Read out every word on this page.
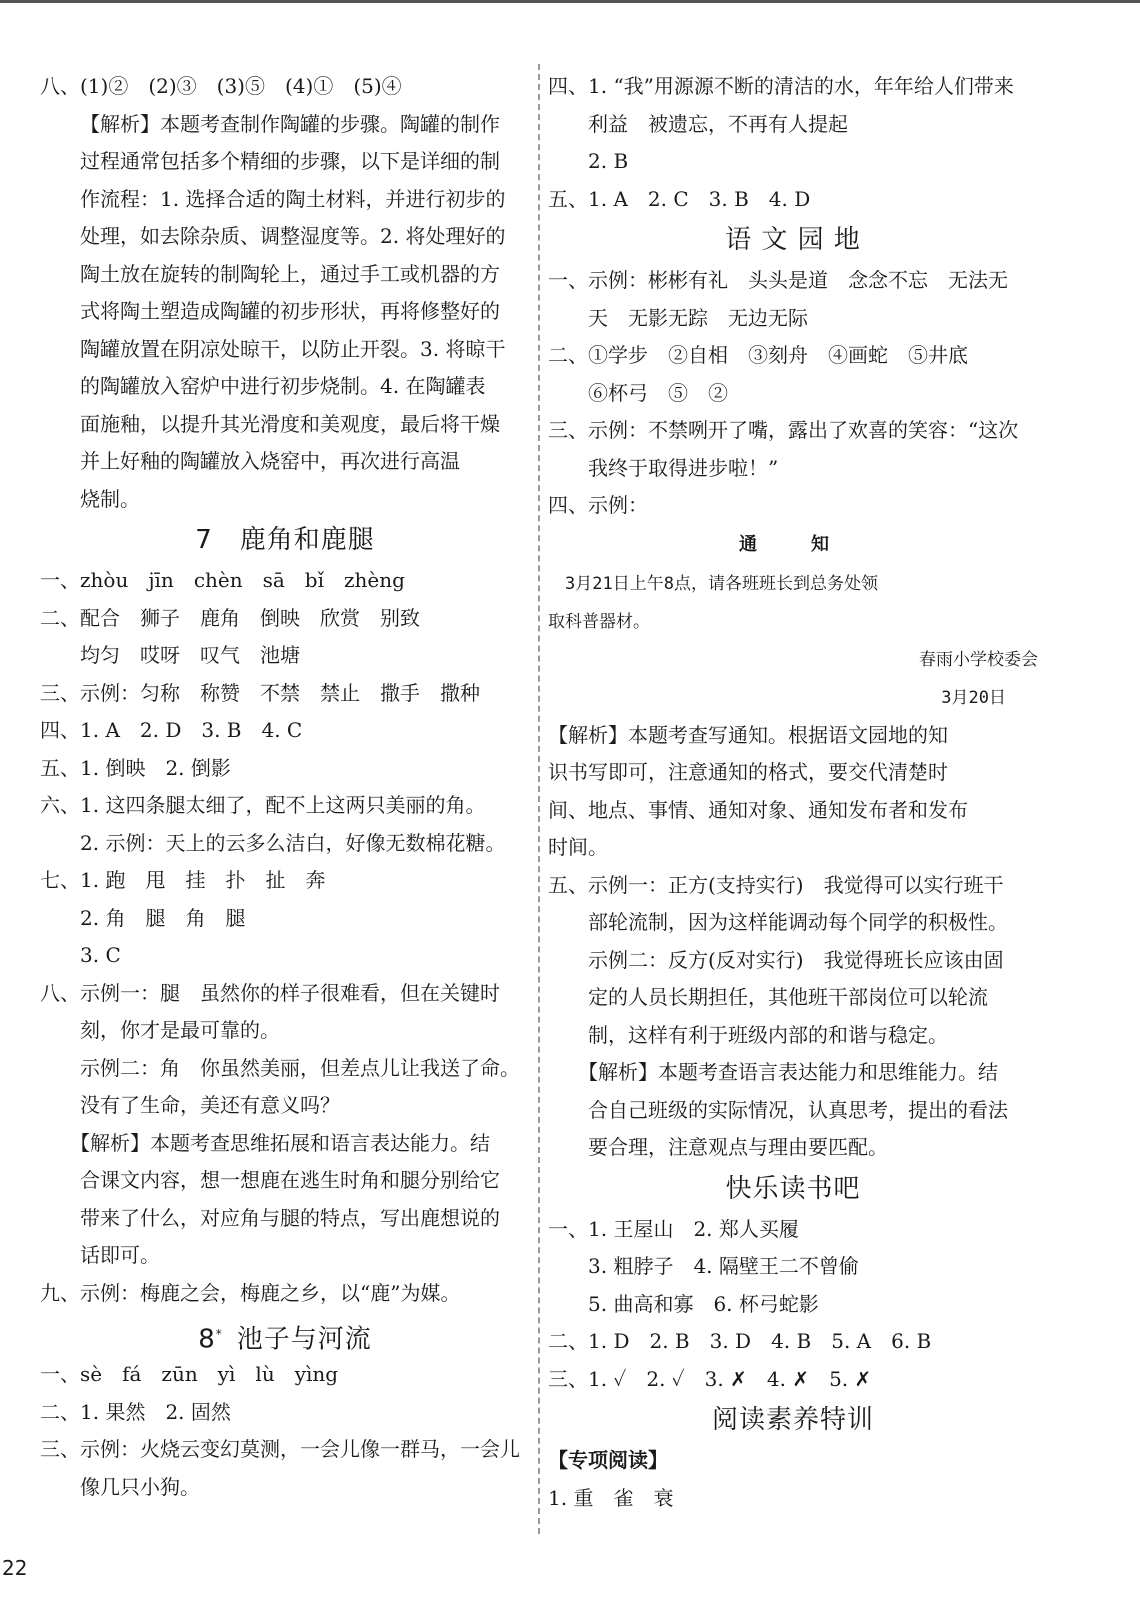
八、(1)②　(2)③　(3)⑤　(4)①　(5)④
【解析】本题考查制作陶罐的步骤。陶罐的制作
过程通常包括多个精细的步骤，以下是详细的制
作流程：1. 选择合适的陶土材料，并进行初步的
处理，如去除杂质、调整湿度等。2. 将处理好的
陶土放在旋转的制陶轮上，通过手工或机器的方
式将陶土塑造成陶罐的初步形状，再将修整好的
陶罐放置在阴凉处晾干，以防止开裂。3. 将晾干
的陶罐放入窑炉中进行初步烧制。4. 在陶罐表
面施釉，以提升其光滑度和美观度，最后将干燥
并上好釉的陶罐放入烧窑中，再次进行高温
烧制。
7　鹿角和鹿腿
一、zhòu　jīn　chèn　sā　bǐ　zhèng
二、配合　狮子　鹿角　倒映　欣赏　别致
　　均匀　哎呀　叹气　池塘
三、示例：匀称　称赞　不禁　禁止　撒手　撒种
四、1. A　2. D　3. B　4. C
五、1. 倒映　2. 倒影
六、1. 这四条腿太细了，配不上这两只美丽的角。
　　2. 示例：天上的云多么洁白，好像无数棉花糖。
七、1. 跑　甩　挂　扑　扯　奔
　　2. 角　腿　角　腿
　　3. C
八、示例一：腿　虽然你的样子很难看，但在关键时
　　刻，你才是最可靠的。
　　示例二：角　你虽然美丽，但差点儿让我送了命。
　　没有了生命，美还有意义吗？
　　【解析】本题考查思维拓展和语言表达能力。结
　　合课文内容，想一想鹿在逃生时角和腿分别给它
　　带来了什么，对应角与腿的特点，写出鹿想说的
　　话即可。
九、示例：梅鹿之会，梅鹿之乡，以“鹿”为媒。
8* 池子与河流
一、sè　fá　zūn　yì　lù　yìng
二、1. 果然　2. 固然
三、示例：火烧云变幻莫测，一会儿像一群马，一会儿
　　像几只小狗。
四、1. “我”用源源不断的清洁的水，年年给人们带来
　　利益　被遗忘，不再有人提起
　　2. B
五、1. A　2. C　3. B　4. D
语 文 园 地
一、示例：彬彬有礼　头头是道　念念不忘　无法无
　　天　无影无踪　无边无际
二、①学步　②自相　③刻舟　④画蛇　⑤井底
　　⑥杯弓　⑤　②
三、示例：不禁咧开了嘴，露出了欢喜的笑容：“这次
　　我终于取得进步啦！”
四、示例：
通　知
　3月21日上午8点，请各班班长到总务处领
取科普器材。
春雨小学校委会
3月20日
【解析】本题考查写通知。根据语文园地的知
识书写即可，注意通知的格式，要交代清楚时
间、地点、事情、通知对象、通知发布者和发布
时间。
五、示例一：正方(支持实行)　我觉得可以实行班干
　　部轮流制，因为这样能调动每个同学的积极性。
　　示例二：反方(反对实行)　我觉得班长应该由固
　　定的人员长期担任，其他班干部岗位可以轮流
　　制，这样有利于班级内部的和谐与稳定。
　　【解析】本题考查语言表达能力和思维能力。结
　　合自己班级的实际情况，认真思考，提出的看法
　　要合理，注意观点与理由要匹配。
快乐读书吧
一、1. 王屋山　2. 郑人买履
　　3. 粗脖子　4. 隔壁王二不曾偷
　　5. 曲高和寡　6. 杯弓蛇影
二、1. D　2. B　3. D　4. B　5. A　6. B
三、1. ✓　2. ✓　3. ✗　4. ✗　5. ✗
阅读素养特训
【专项阅读】
1. 重　雀　衰
22
